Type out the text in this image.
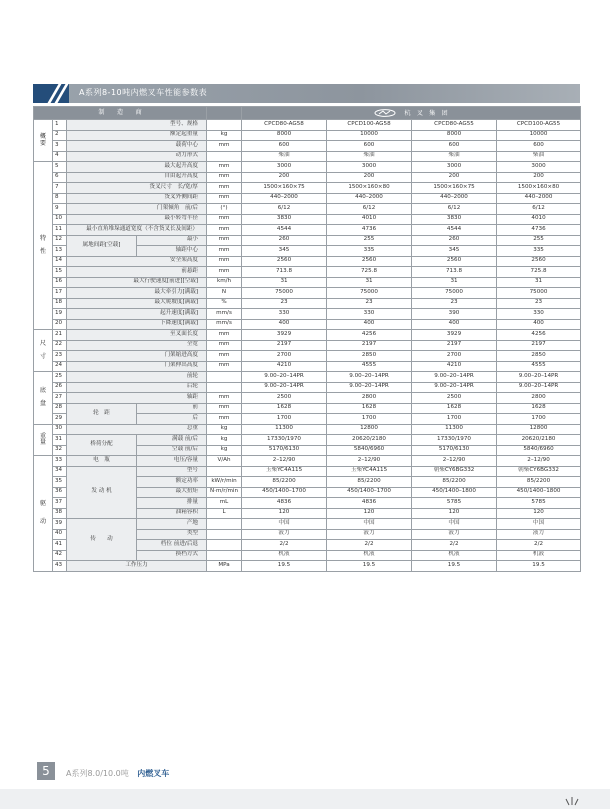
A系列8-10吨内燃叉车性能参数表
制　　造　　商					杭　叉　集　团			
概
要	1	型号、规格			CPCD80-AG58	CPCD100-AG58	CPCD80-AG55	CPCD100-AG55
	2	额定起重量		kg	8000	10000	8000	10000
	3	载荷中心		mm	600	600	600	600
	4	动力形式			柴油	柴油	柴油	柴油
特

性	5	最大起升高度		mm	3000	3000	3000	3000
	6	自由起升高度		mm	200	200	200	200
	7	货叉尺寸　长/宽/厚		mm	1500×160×75	1500×160×80	1500×160×75	1500×160×80
	8	货叉外侧间距		mm	440–2000	440–2000	440–2000	440–2000
	9	门架倾角　前/后		(°)	6/12	6/12	6/12	6/12
	10	最小转弯半径		mm	3830	4010	3830	4010
	11	最小直角堆垛通道宽度（不含货叉长及间距）		mm	4544	4736	4544	4736
	12	属地间距[空载]	最小	mm	260	255	260	255
	13		轴距中心	mm	345	335	345	335
	14	安全架高度		mm	2560	2560	2560	2560
	15	前悬距		mm	713.8	725.8	713.8	725.8
	16	最大行驶速度[前进][空载]		km/h	31	31	31	31
	17	最大牵引力[满载]		N	75000	75000	75000	75000
	18	最大爬坡度[满载]		%	23	23	23	23
	19	起升速度[满载]		mm/s	330	330	390	330
	20	下降速度[满载]		mm/s	400	400	400	400
尺

寸	21	至叉面长度		mm	3929	4256	3929	4256
	22	全宽		mm	2197	2197	2197	2197
	23	门架缩进高度		mm	2700	2850	2700	2850
	24	门架伸出高度		mm	4210	4555	4210	4555
底

盘	25	前轮			9.00–20–14PR	9.00–20–14PR	9.00–20–14PR	9.00–20–14PR
	26	后轮			9.00–20–14PR	9.00–20–14PR	9.00–20–14PR	9.00–20–14PR
	27	轴距		mm	2500	2800	2500	2800
	28	轮　距	前	mm	1628	1628	1628	1628
	29		后	mm	1700	1700	1700	1700
重
量	30	总重		kg	11300	12800	11300	12800
	31	桥荷分配	满载 前/后	kg	17330/1970	20620/2180	17330/1970	20620/2180
	32		空载 前/后	kg	5170/6130	5840/6960	5170/6130	5840/6960
驱

动	33	电　瓶	电压/容量	V/Ah	2–12/90	2–12/90	2–12/90	2–12/90
	34	发 动 机	型号		玉柴YC4A115	玉柴YC4A115	朝柴CY6BG332	朝柴CY6BG332
	35		额定功率	kW/r/min	85/2200	85/2200	85/2200	85/2200
	36		最大扭矩	N·m/r/min	450/1400–1700	450/1400–1700	450/1400–1800	450/1400–1800
	37		排量	mL	4836	4836	5785	5785
	38		油箱容积	L	120	120	120	120
	39	传　　动	产地		中国	中国	中国	中国
	40		类型		液力	液力	液力	液力
	41		档位 前进/后退		2/2	2/2	2/2	2/2
	42		换档方式		机液	机液	机液	机液
	43	工作压力		MPa	19.5	19.5	19.5	19.5
5	A系列8.0/10.0吨 内燃叉车
